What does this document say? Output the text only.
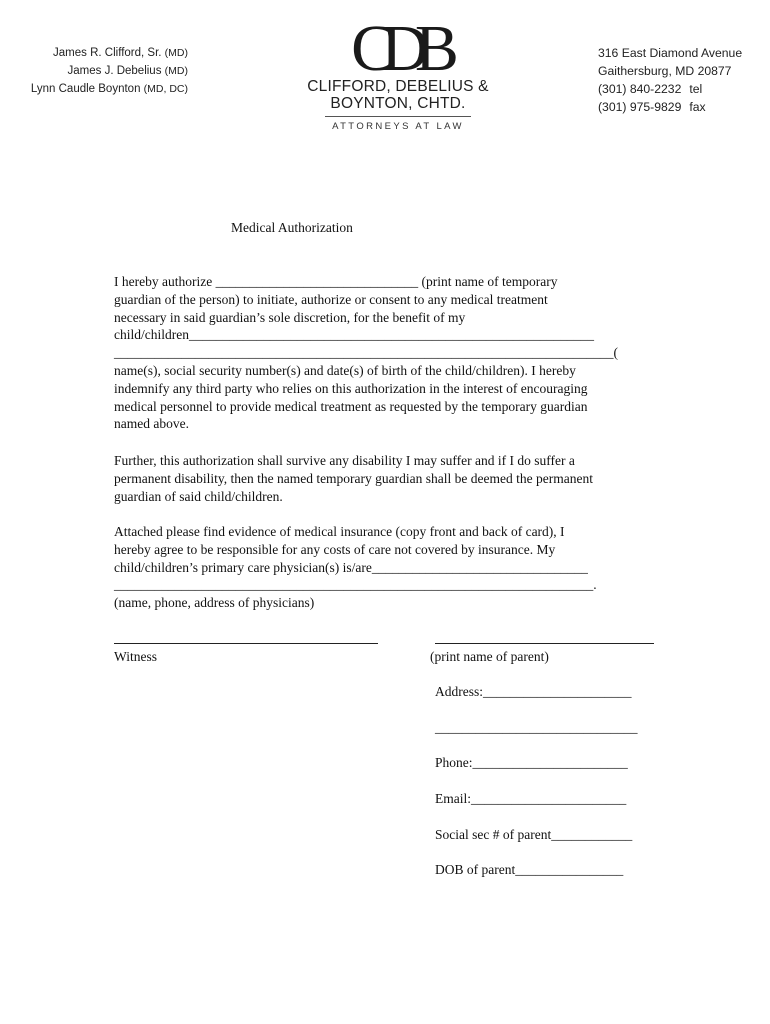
James R. Clifford, Sr. (MD)
James J. Debelius (MD)
Lynn Caudle Boynton (MD, DC)
CDB
CLIFFORD, DEBELIUS &
BOYNTON, CHTD.
ATTORNEYS AT LAW
316 East Diamond Avenue
Gaithersburg, MD 20877
(301) 840-2232 tel
(301) 975-9829 fax
Medical Authorization
I hereby authorize ______________________________ (print name of temporary
guardian of the person) to initiate, authorize or consent to any medical treatment
necessary in said guardian’s sole discretion, for the benefit of my
child/children____________________________________________________________
__________________________________________________________________________(
name(s), social security number(s) and date(s) of birth of the child/children). I hereby
indemnify any third party who relies on this authorization in the interest of encouraging
medical personnel to provide medical treatment as requested by the temporary guardian
named above.
Further, this authorization shall survive any disability I may suffer and if I do suffer a
permanent disability, then the named temporary guardian shall be deemed the permanent
guardian of said child/children.
Attached please find evidence of medical insurance (copy front and back of card), I
hereby agree to be responsible for any costs of care not covered by insurance. My
child/children’s primary care physician(s) is/are________________________________
_______________________________________________________________________.
(name, phone, address of physicians)
Witness	(print name of parent)
Address:______________________
______________________________
Phone:_______________________
Email:_______________________
Social sec # of parent____________
DOB of parent________________
